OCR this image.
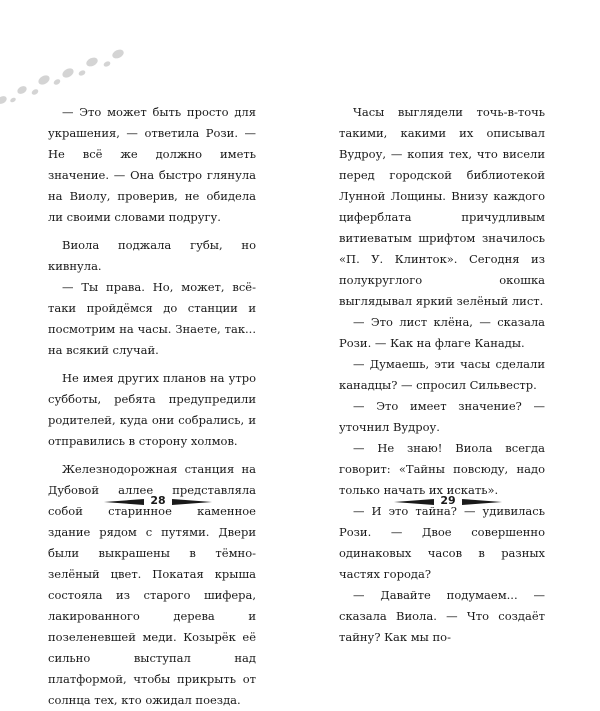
— Это может быть просто для украшения, — ответила Рози. — Не всё же должно иметь значение. — Она быстро глянула на Виолу, проверив, не обидела ли своими словами подругу.

Виола поджала губы, но кивнула.

— Ты права. Но, может, всё-таки пройдёмся до станции и посмотрим на часы. Знаете, так... на всякий случай.

Не имея других планов на утро субботы, ребята предупредили родителей, куда они собрались, и отправились в сторону холмов.

Железнодорожная станция на Дубовой аллее представляла собой старинное каменное здание рядом с путями. Двери были выкрашены в тёмно-зелёный цвет. Покатая крыша состояла из старого шифера, лакированного дерева и позеленевшей меди. Козырёк её сильно выступал над платформой, чтобы прикрыть от солнца тех, кто ожидал поезда.

28	29

Часы выглядели точь-в-точь такими, какими их описывал Вудроу, — копия тех, что висели перед городской библиотекой Лунной Лощины. Внизу каждого циферблата причудливым витиеватым шрифтом значилось «П. У. Клинток». Сегодня из полукруглого окошка выглядывал яркий зелёный лист.

— Это лист клёна, — сказала Рози. — Как на флаге Канады.

— Думаешь, эти часы сделали канадцы? — спросил Сильвестр.

— Это имеет значение? — уточнил Вудроу.

— Не знаю! Виола всегда говорит: «Тайны повсюду, надо только начать их искать».

— И это тайна? — удивилась Рози. — Двое совершенно одинаковых часов в разных частях города?

— Давайте подумаем... — сказала Виола. — Что создаёт тайну? Как мы по-
